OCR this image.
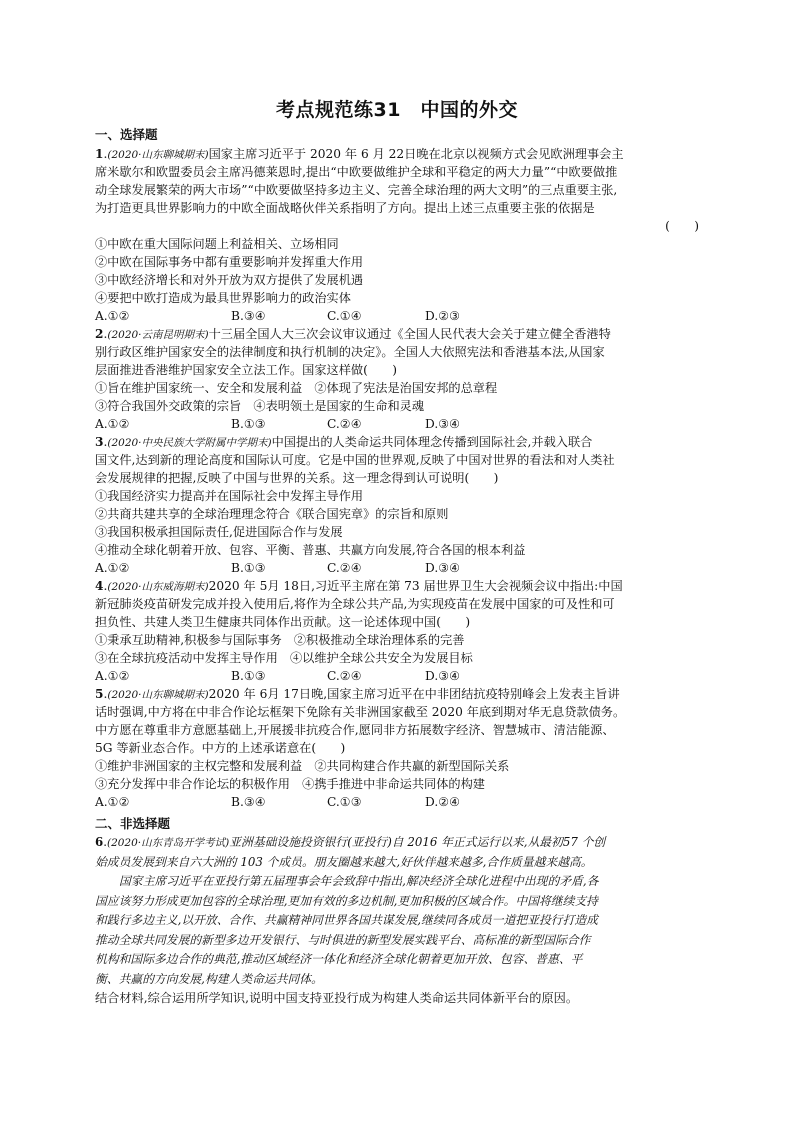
考点规范练31　中国的外交
一、选择题
1.(2020·山东聊城期末)国家主席习近平于 2020 年 6 月 22日晚在北京以视频方式会见欧洲理事会主
席米歇尔和欧盟委员会主席冯德莱恩时,提出“中欧要做维护全球和平稳定的两大力量”“中欧要做推
动全球发展繁荣的两大市场”“中欧要做坚持多边主义、完善全球治理的两大文明”的三点重要主张,
为打造更具世界影响力的中欧全面战略伙伴关系指明了方向。提出上述三点重要主张的依据是
(　　)
①中欧在重大国际问题上利益相关、立场相同
②中欧在国际事务中都有重要影响并发挥重大作用
③中欧经济增长和对外开放为双方提供了发展机遇
④要把中欧打造成为最具世界影响力的政治实体
A.①②	B.③④	C.①④	D.②③
2.(2020·云南昆明期末)十三届全国人大三次会议审议通过《全国人民代表大会关于建立健全香港特
别行政区维护国家安全的法律制度和执行机制的决定》。全国人大依照宪法和香港基本法,从国家
层面推进香港维护国家安全立法工作。国家这样做(　　)
①旨在维护国家统一、安全和发展利益　②体现了宪法是治国安邦的总章程
③符合我国外交政策的宗旨　④表明领土是国家的生命和灵魂
A.①②	B.①③	C.②④	D.③④
3.(2020·中央民族大学附属中学期末)中国提出的人类命运共同体理念传播到国际社会,并载入联合
国文件,达到新的理论高度和国际认可度。它是中国的世界观,反映了中国对世界的看法和对人类社
会发展规律的把握,反映了中国与世界的关系。这一理念得到认可说明(　　)
①我国经济实力提高并在国际社会中发挥主导作用
②共商共建共享的全球治理理念符合《联合国宪章》的宗旨和原则
③我国积极承担国际责任,促进国际合作与发展
④推动全球化朝着开放、包容、平衡、普惠、共赢方向发展,符合各国的根本利益
A.①②	B.①③	C.②④	D.③④
4.(2020·山东威海期末)2020 年 5月 18日,习近平主席在第 73 届世界卫生大会视频会议中指出:中国
新冠肺炎疫苗研发完成并投入使用后,将作为全球公共产品,为实现疫苗在发展中国家的可及性和可
担负性、共建人类卫生健康共同体作出贡献。这一论述体现中国(　　)
①秉承互助精神,积极参与国际事务　②积极推动全球治理体系的完善
③在全球抗疫活动中发挥主导作用　④以维护全球公共安全为发展目标
A.①②	B.①③	C.②④	D.③④
5.(2020·山东聊城期末)2020 年 6月 17日晚,国家主席习近平在中非团结抗疫特别峰会上发表主旨讲
话时强调,中方将在中非合作论坛框架下免除有关非洲国家截至 2020 年底到期对华无息贷款债务。
中方愿在尊重非方意愿基础上,开展援非抗疫合作,愿同非方拓展数字经济、智慧城市、清洁能源、
5G 等新业态合作。中方的上述承诺意在(　　)
①维护非洲国家的主权完整和发展利益　②共同构建合作共赢的新型国际关系
③充分发挥中非合作论坛的积极作用　④携手推进中非命运共同体的构建
A.①②	B.③④	C.①③	D.②④
二、非选择题
6.(2020·山东青岛开学考试)亚洲基础设施投资银行(亚投行)自 2016 年正式运行以来,从最初57 个创
始成员发展到来自六大洲的 103 个成员。朋友圈越来越大,好伙伴越来越多,合作质量越来越高。
国家主席习近平在亚投行第五届理事会年会致辞中指出,解决经济全球化进程中出现的矛盾,各
国应该努力形成更加包容的全球治理,更加有效的多边机制,更加积极的区域合作。中国将继续支持
和践行多边主义,以开放、合作、共赢精神同世界各国共谋发展,继续同各成员一道把亚投行打造成
推动全球共同发展的新型多边开发银行、与时俱进的新型发展实践平台、高标准的新型国际合作
机构和国际多边合作的典范,推动区域经济一体化和经济全球化朝着更加开放、包容、普惠、平
衡、共赢的方向发展,构建人类命运共同体。
结合材料,综合运用所学知识,说明中国支持亚投行成为构建人类命运共同体新平台的原因。
